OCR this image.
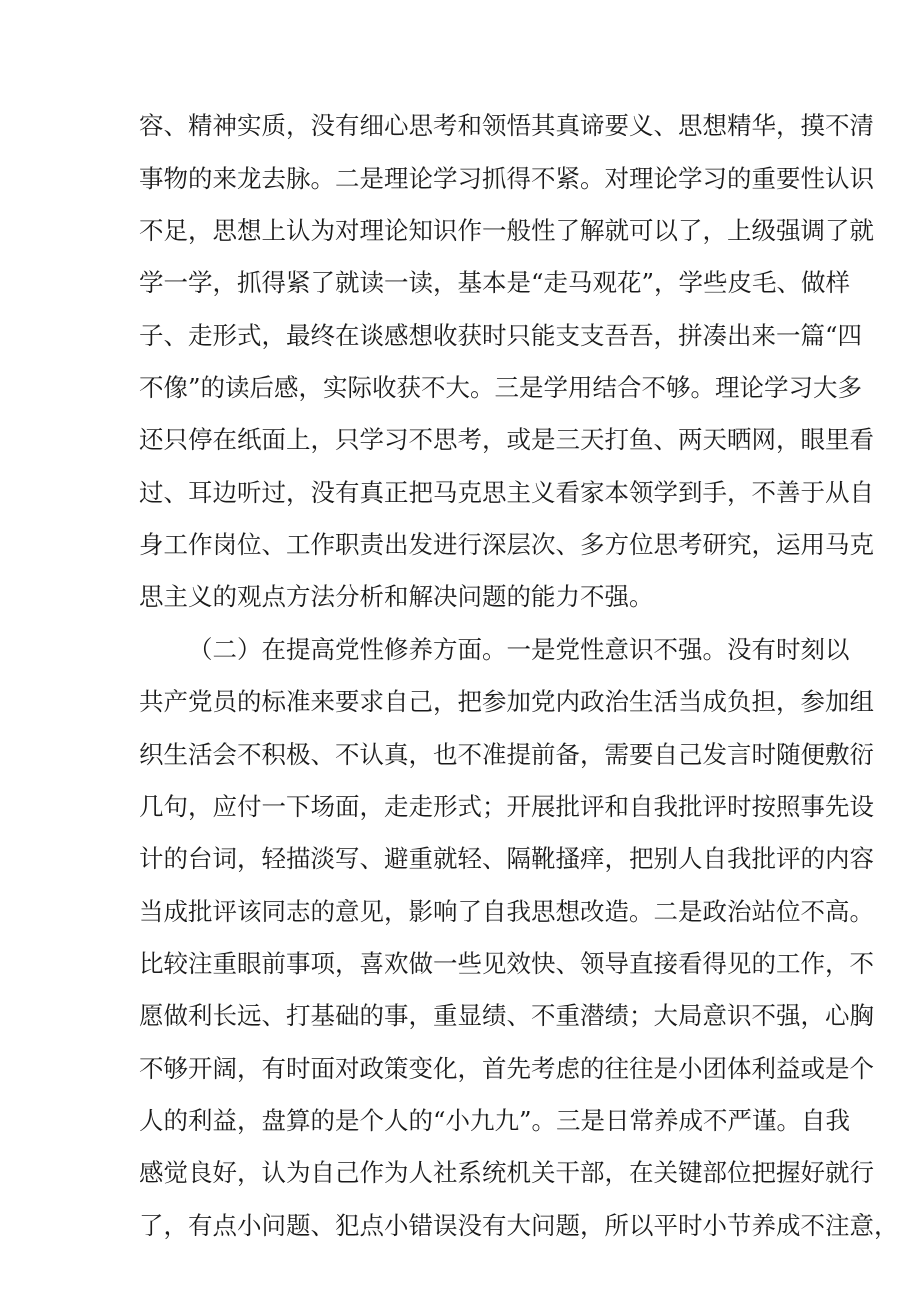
容、精神实质，没有细心思考和领悟其真谛要义、思想精华，摸不清
事物的来龙去脉。二是理论学习抓得不紧。对理论学习的重要性认识
不足，思想上认为对理论知识作一般性了解就可以了，上级强调了就
学一学，抓得紧了就读一读，基本是“走马观花”，学些皮毛、做样
子、走形式，最终在谈感想收获时只能支支吾吾，拼凑出来一篇“四
不像”的读后感，实际收获不大。三是学用结合不够。理论学习大多
还只停在纸面上，只学习不思考，或是三天打鱼、两天晒网，眼里看
过、耳边听过，没有真正把马克思主义看家本领学到手，不善于从自
身工作岗位、工作职责出发进行深层次、多方位思考研究，运用马克
思主义的观点方法分析和解决问题的能力不强。
（二）在提高党性修养方面。一是党性意识不强。没有时刻以
共产党员的标准来要求自己，把参加党内政治生活当成负担，参加组
织生活会不积极、不认真，也不准提前备，需要自己发言时随便敷衍
几句，应付一下场面，走走形式；开展批评和自我批评时按照事先设
计的台词，轻描淡写、避重就轻、隔靴搔痒，把别人自我批评的内容
当成批评该同志的意见，影响了自我思想改造。二是政治站位不高。
比较注重眼前事项，喜欢做一些见效快、领导直接看得见的工作，不
愿做利长远、打基础的事，重显绩、不重潜绩；大局意识不强，心胸
不够开阔，有时面对政策变化，首先考虑的往往是小团体利益或是个
人的利益，盘算的是个人的“小九九”。三是日常养成不严谨。自我
感觉良好，认为自己作为人社系统机关干部，在关键部位把握好就行
了，有点小问题、犯点小错误没有大问题，所以平时小节养成不注意，
